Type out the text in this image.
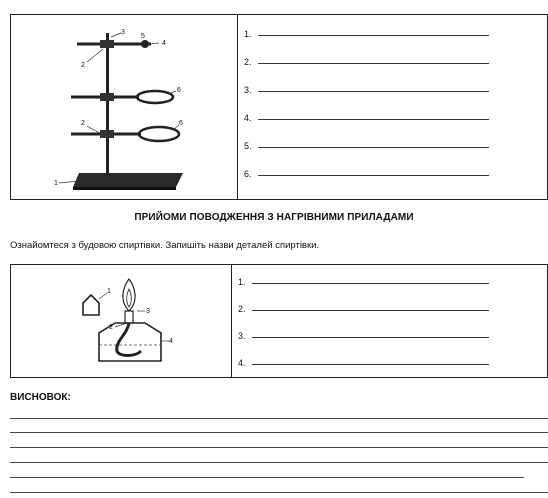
1
2
2
3
4
5
6
6
1.
2.
3.
4.
5.
6.
ПРИЙОМИ ПОВОДЖЕННЯ З НАГРІВНИМИ ПРИЛАДАМИ
Ознайомтеся з будовою спиртівки. Запишіть назви деталей спиртівки.
1
2
3
4
1.
2.
3.
4.
ВИСНОВОК:
